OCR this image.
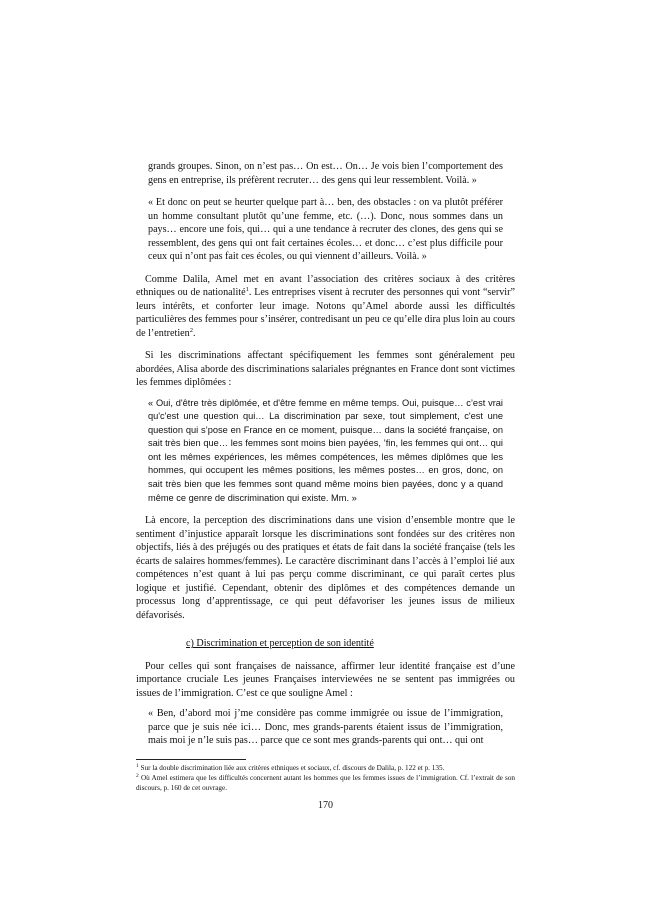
grands groupes. Sinon, on n’est pas… On est… On… Je vois bien l’comportement des gens en entreprise, ils préfèrent recruter… des gens qui leur ressemblent. Voilà. »

« Et donc on peut se heurter quelque part à… ben, des obstacles : on va plutôt préférer un homme consultant plutôt qu’une femme, etc. (…). Donc, nous sommes dans un pays… encore une fois, qui… qui a une tendance à recruter des clones, des gens qui se ressemblent, des gens qui ont fait certaines écoles… et donc… c’est plus difficile pour ceux qui n’ont pas fait ces écoles, ou qui viennent d’ailleurs. Voilà. »

Comme Dalila, Amel met en avant l’association des critères sociaux à des critères ethniques ou de nationalité$^1$. Les entreprises visent à recruter des personnes qui vont “servir” leurs intérêts, et conforter leur image. Notons qu’Amel aborde aussi les difficultés particulières des femmes pour s’insérer, contredisant un peu ce qu’elle dira plus loin au cours de l’entretien$^2$.

Si les discriminations affectant spécifiquement les femmes sont généralement peu abordées, Alisa aborde des discriminations salariales prégnantes en France dont sont victimes les femmes diplômées :

« Oui, d'être très diplômée, et d'être femme en même temps. Oui, puisque… c’est vrai qu'c'est une question qui… La discrimination par sexe, tout simplement, c'est une question qui s’pose en France en ce moment, puisque… dans la société française, on sait très bien que… les femmes sont moins bien payées, ’fin, les femmes qui ont… qui ont les mêmes expériences, les mêmes compétences, les mêmes diplômes que les hommes, qui occupent les mêmes positions, les mêmes postes… en gros, donc, on sait très bien que les femmes sont quand même moins bien payées, donc y a quand même ce genre de discrimination qui existe. Mm. »

Là encore, la perception des discriminations dans une vision d’ensemble montre que le sentiment d’injustice apparaît lorsque les discriminations sont fondées sur des critères non objectifs, liés à des préjugés ou des pratiques et états de fait dans la société française (tels les écarts de salaires hommes/femmes). Le caractère discriminant dans l’accès à l’emploi lié aux compétences n’est quant à lui pas perçu comme discriminant, ce qui paraît certes plus logique et justifié. Cependant, obtenir des diplômes et des compétences demande un processus long d’apprentissage, ce qui peut défavoriser les jeunes issus de milieux défavorisés.

c) Discrimination et perception de son identité

Pour celles qui sont françaises de naissance, affirmer leur identité française est d’une importance cruciale Les jeunes Françaises interviewées ne se sentent pas immigrées ou issues de l’immigration. C’est ce que souligne Amel :

« Ben, d’abord moi j’me considère pas comme immigrée ou issue de l’immigration, parce que je suis née ici… Donc, mes grands-parents étaient issus de l’immigration, mais moi je n’le suis pas… parce que ce sont mes grands-parents qui ont… qui ont

$^1$ Sur la double discrimination liée aux critères ethniques et sociaux, cf. discours de Dalila, p. 122 et p. 135.

$^2$ Où Amel estimera que les difficultés concernent autant les hommes que les femmes issues de l’immigration. Cf. l’extrait de son discours, p. 160 de cet ouvrage.

170
